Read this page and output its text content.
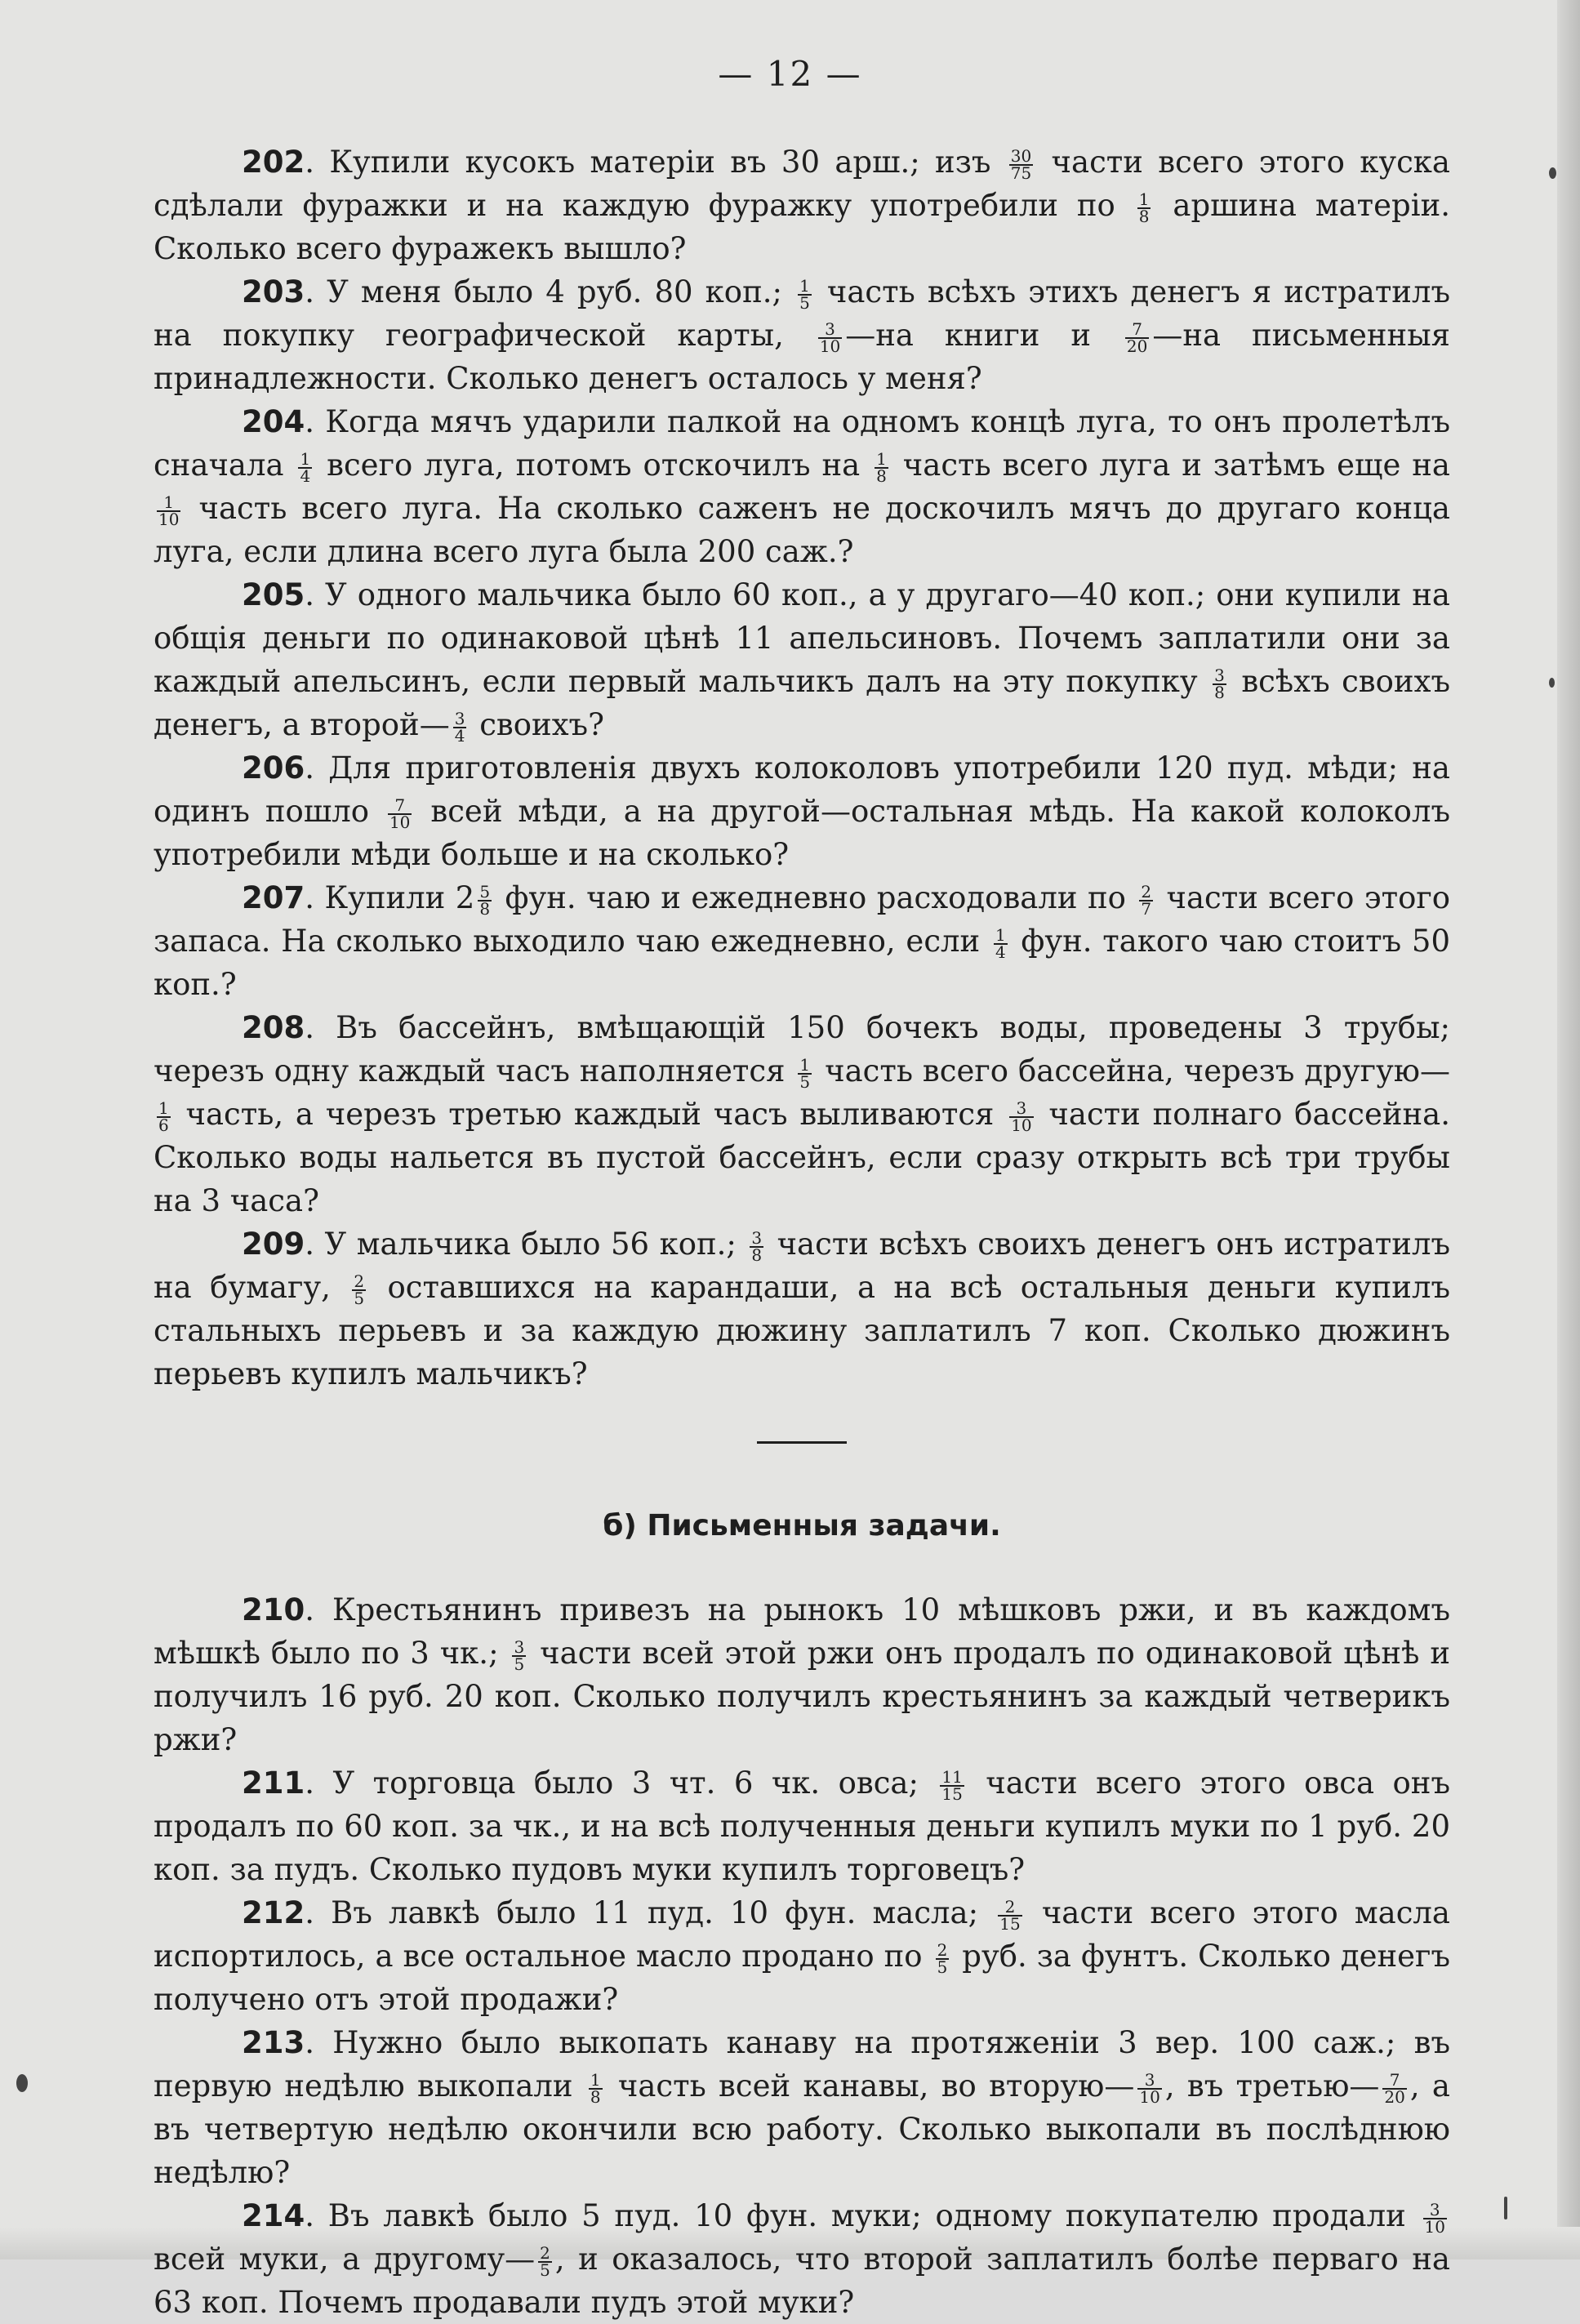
— 12 —

202. Купили кусокъ матеріи въ 30 арш.; изъ $\frac{30}{75}$ части всего этого куска сдѣлали фуражки и на каждую фуражку употребили по $\frac{1}{8}$ аршина матеріи. Сколько всего фуражекъ вышло?

203. У меня было 4 руб. 80 коп.; $\frac{1}{5}$ часть всѣхъ этихъ денегъ я истратилъ на покупку географической карты, $\frac{3}{10}$ —на книги и $\frac{7}{20}$ —на письменныя принадлежности. Сколько денегъ осталось у меня?

204. Когда мячъ ударили палкой на одномъ концѣ луга, то онъ пролетѣлъ сначала $\frac{1}{4}$ всего луга, потомъ отскочилъ на $\frac{1}{8}$ часть всего луга и затѣмъ еще на
$\frac{1}{10}$ часть всего луга. На сколько саженъ не доскочилъ мячъ до другаго конца луга, если длина всего луга была 200 саж.?

205. У одного мальчика было 60 коп., а у другаго—40 коп.; они купили на общія деньги по одинаковой цѣнѣ 11 апельсиновъ. Почемъ заплатили они за каждый апельсинъ, если первый мальчикъ далъ на эту покупку $\frac{3}{8}$ всѣхъ своихъ денегъ, а второй— $\frac{3}{4}$ своихъ?

206. Для приготовленія двухъ колоколовъ употребили 120 пуд. мѣди; на одинъ пошло $\frac{7}{10}$ всей мѣди, а на другой—остальная мѣдь. На какой колоколъ употребили мѣди больше и на сколько?

207. Купили $2 \frac{5}{8}$ фун. чаю и ежедневно расходовали по $\frac{2}{7}$ части всего этого запаса. На сколько выходило чаю ежедневно, если $\frac{1}{4}$ фун. такого чаю стоитъ 50 коп.?

208. Въ бассейнъ, вмѣщающій 150 бочекъ воды, проведены 3 трубы; черезъ одну каждый часъ наполняется $\frac{1}{5}$ часть всего бассейна, черезъ другую—
$\frac{1}{6}$ часть, а черезъ третью каждый часъ выливаются $\frac{3}{10}$ части полнаго бассейна. Сколько воды нальется въ пустой бассейнъ, если сразу открыть всѣ три трубы на 3 часа?

209. У мальчика было 56 коп.; $\frac{3}{8}$ части всѣхъ своихъ денегъ онъ истратилъ на бумагу, $\frac{2}{5}$ оставшихся на карандаши, а на всѣ остальныя деньги купилъ стальныхъ перьевъ и за каждую дюжину заплатилъ 7 коп. Сколько дюжинъ перьевъ купилъ мальчикъ?

б) Письменныя задачи.

210. Крестьянинъ привезъ на рынокъ 10 мѣшковъ ржи, и въ каждомъ мѣшкѣ было по 3 чк.; $\frac{3}{5}$ части всей этой ржи онъ продалъ по одинаковой цѣнѣ и получилъ 16 руб. 20 коп. Сколько получилъ крестьянинъ за каждый четверикъ ржи?

211. У торговца было 3 чт. 6 чк. овса; $\frac{11}{15}$ части всего этого овса онъ продалъ по 60 коп. за чк., и на всѣ полученныя деньги купилъ муки по 1 руб. 20 коп. за пудъ. Сколько пудовъ муки купилъ торговецъ?

212. Въ лавкѣ было 11 пуд. 10 фун. масла; $\frac{2}{15}$ части всего этого масла испортилось, а все остальное масло продано по $\frac{2}{5}$ руб. за фунтъ. Сколько денегъ получено отъ этой продажи?

213. Нужно было выкопать канаву на протяженіи 3 вер. 100 саж.; въ первую недѣлю выкопали $\frac{1}{8}$ часть всей канавы, во вторую— $\frac{3}{10}$ , въ третью— $\frac{7}{20}$ , а въ четвертую недѣлю окончили всю работу. Сколько выкопали въ послѣднюю недѣлю?

214. Въ лавкѣ было 5 пуд. 10 фун. муки; одному покупателю продали $\frac{3}{10}$
всей муки, а другому— $\frac{2}{5}$ , и оказалось, что второй заплатилъ болѣе перваго на 63 коп. Почемъ продавали пудъ этой муки?
